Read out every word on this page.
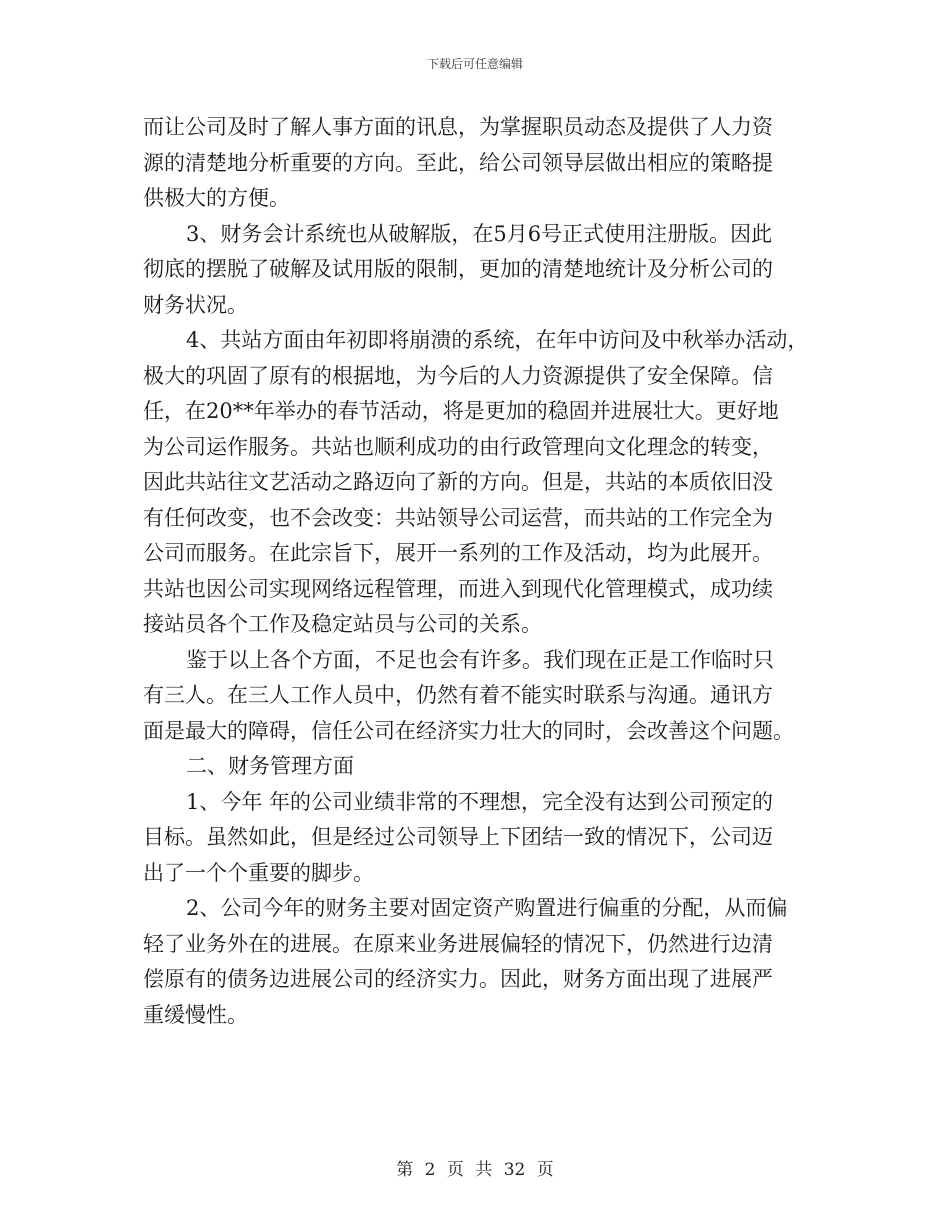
下载后可任意编辑
而让公司及时了解人事方面的讯息，为掌握职员动态及提供了人力资
源的清楚地分析重要的方向。至此，给公司领导层做出相应的策略提
供极大的方便。
3、财务会计系统也从破解版，在5月6号正式使用注册版。因此
彻底的摆脱了破解及试用版的限制，更加的清楚地统计及分析公司的
财务状况。
4、共站方面由年初即将崩溃的系统，在年中访问及中秋举办活动，
极大的巩固了原有的根据地，为今后的人力资源提供了安全保障。信
任，在20**年举办的春节活动，将是更加的稳固并进展壮大。更好地
为公司运作服务。共站也顺利成功的由行政管理向文化理念的转变，
因此共站往文艺活动之路迈向了新的方向。但是，共站的本质依旧没
有任何改变，也不会改变：共站领导公司运营，而共站的工作完全为
公司而服务。在此宗旨下，展开一系列的工作及活动，均为此展开。
共站也因公司实现网络远程管理，而进入到现代化管理模式，成功续
接站员各个工作及稳定站员与公司的关系。
鉴于以上各个方面，不足也会有许多。我们现在正是工作临时只
有三人。在三人工作人员中，仍然有着不能实时联系与沟通。通讯方
面是最大的障碍，信任公司在经济实力壮大的同时，会改善这个问题。
二、财务管理方面
1、今年 年的公司业绩非常的不理想，完全没有达到公司预定的
目标。虽然如此，但是经过公司领导上下团结一致的情况下，公司迈
出了一个个重要的脚步。
2、公司今年的财务主要对固定资产购置进行偏重的分配，从而偏
轻了业务外在的进展。在原来业务进展偏轻的情况下，仍然进行边清
偿原有的债务边进展公司的经济实力。因此，财务方面出现了进展严
重缓慢性。
第 2 页 共 32 页
